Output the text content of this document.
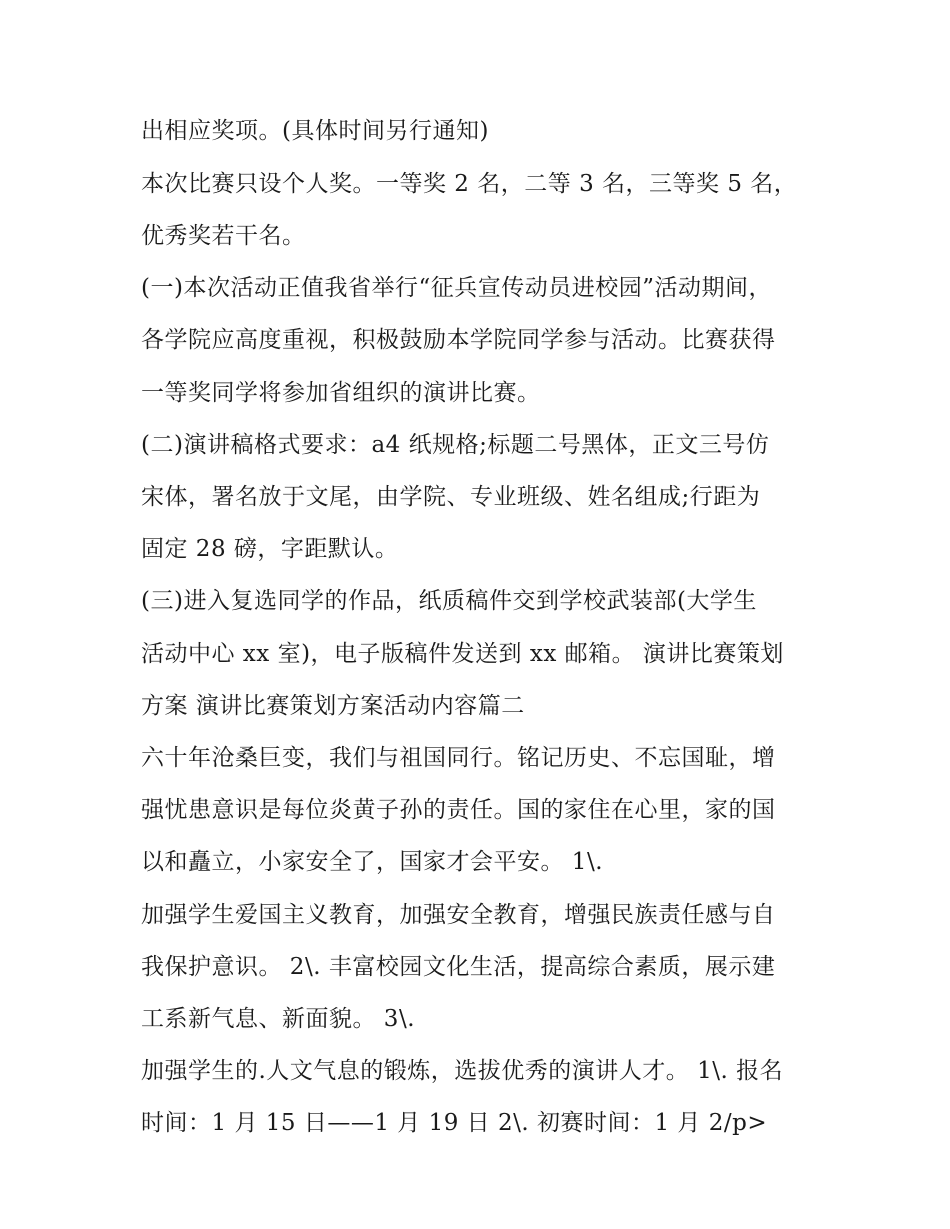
出相应奖项。(具体时间另行通知)
本次比赛只设个人奖。一等奖 2 名，二等 3 名，三等奖 5 名，
优秀奖若干名。
(一)本次活动正值我省举行“征兵宣传动员进校园”活动期间，
各学院应高度重视，积极鼓励本学院同学参与活动。比赛获得
一等奖同学将参加省组织的演讲比赛。
(二)演讲稿格式要求：a4 纸规格;标题二号黑体，正文三号仿
宋体，署名放于文尾，由学院、专业班级、姓名组成;行距为
固定 28 磅，字距默认。
(三)进入复选同学的作品，纸质稿件交到学校武装部(大学生
活动中心 xx 室)，电子版稿件发送到 xx 邮箱。 演讲比赛策划
方案 演讲比赛策划方案活动内容篇二
六十年沧桑巨变，我们与祖国同行。铭记历史、不忘国耻，增
强忧患意识是每位炎黄子孙的责任。国的家住在心里，家的国
以和矗立，小家安全了，国家才会平安。 1\.
加强学生爱国主义教育，加强安全教育，增强民族责任感与自
我保护意识。 2\. 丰富校园文化生活，提高综合素质，展示建
工系新气息、新面貌。 3\.
加强学生的.人文气息的锻炼，选拔优秀的演讲人才。 1\. 报名
时间：1 月 15 日——1 月 19 日 2\. 初赛时间：1 月 2/p>
